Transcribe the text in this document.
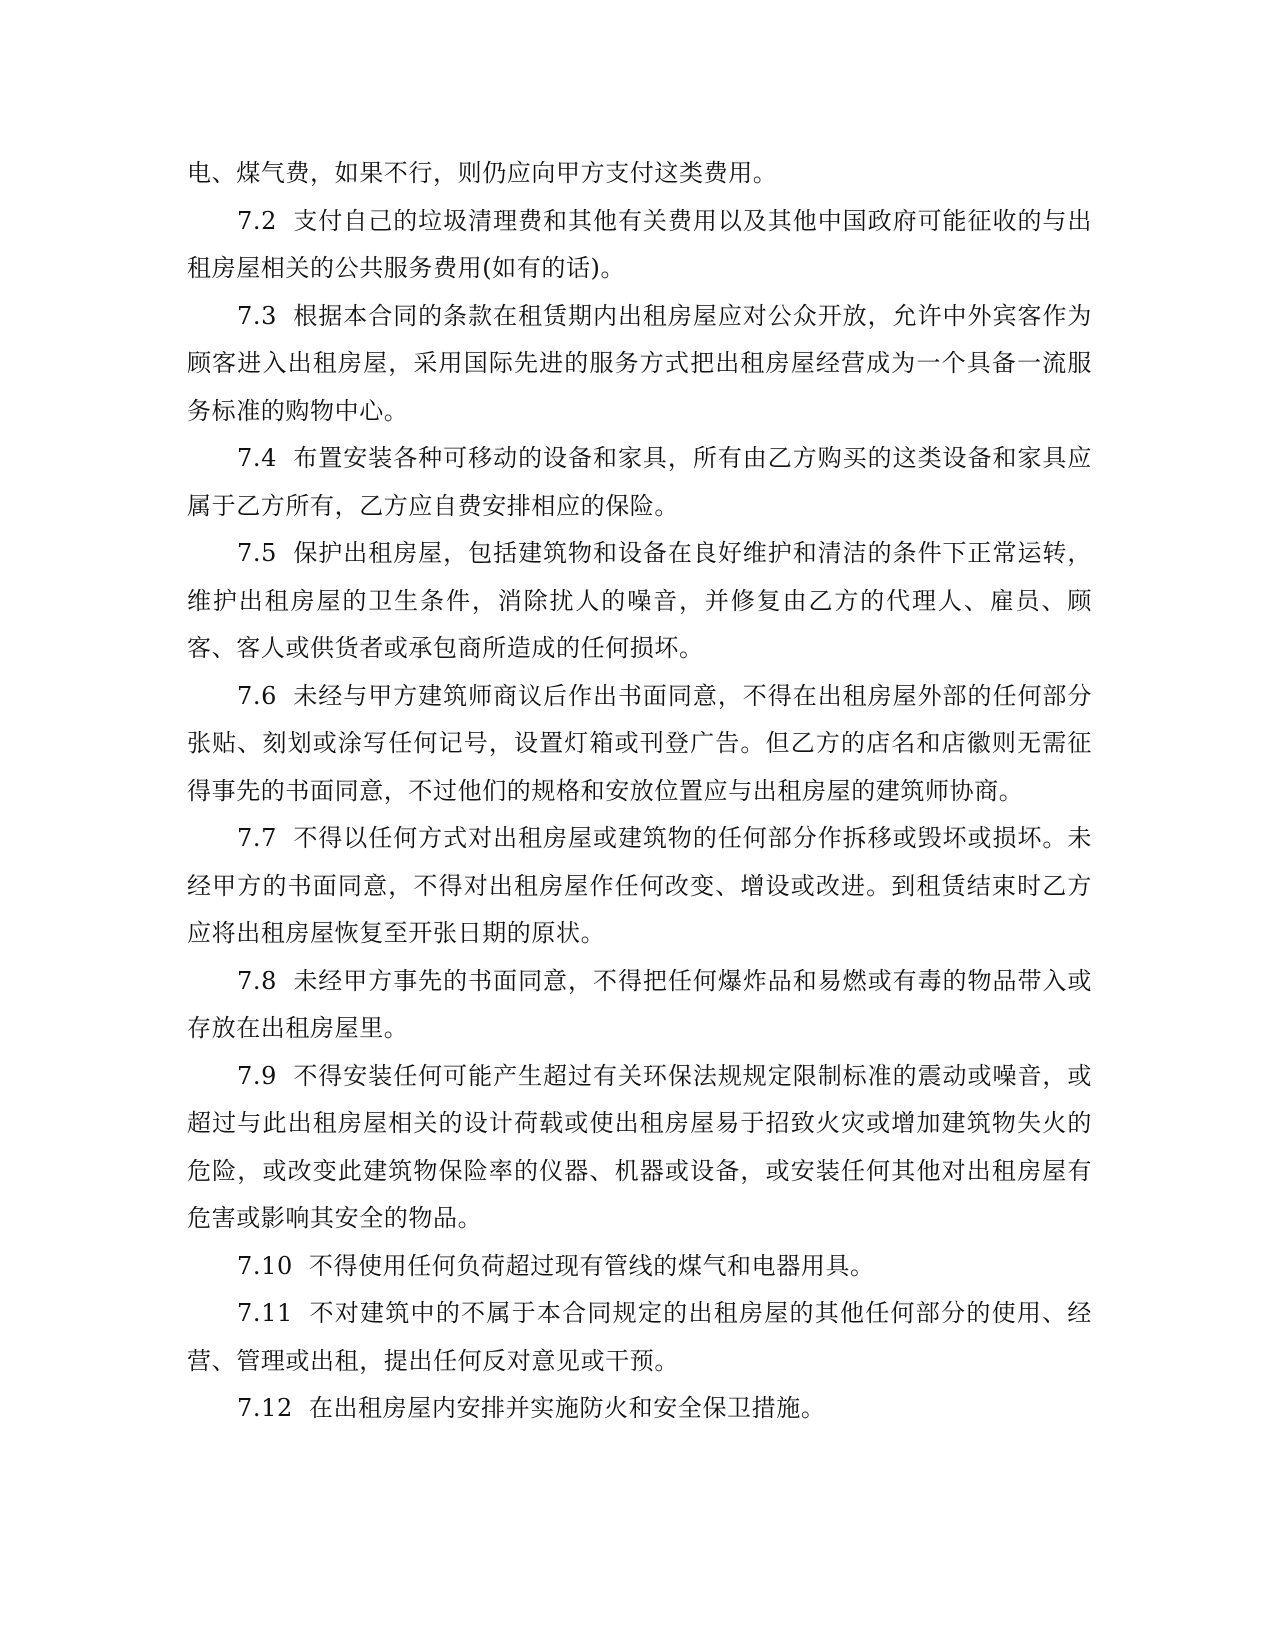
电、煤气费，如果不行，则仍应向甲方支付这类费用。

7.2 支付自己的垃圾清理费和其他有关费用以及其他中国政府可能征收的与出租房屋相关的公共服务费用(如有的话)。

7.3 根据本合同的条款在租赁期内出租房屋应对公众开放，允许中外宾客作为顾客进入出租房屋，采用国际先进的服务方式把出租房屋经营成为一个具备一流服务标准的购物中心。

7.4 布置安装各种可移动的设备和家具，所有由乙方购买的这类设备和家具应属于乙方所有，乙方应自费安排相应的保险。

7.5 保护出租房屋，包括建筑物和设备在良好维护和清洁的条件下正常运转，维护出租房屋的卫生条件，消除扰人的噪音，并修复由乙方的代理人、雇员、顾客、客人或供货者或承包商所造成的任何损坏。

7.6 未经与甲方建筑师商议后作出书面同意，不得在出租房屋外部的任何部分张贴、刻划或涂写任何记号，设置灯箱或刊登广告。但乙方的店名和店徽则无需征得事先的书面同意，不过他们的规格和安放位置应与出租房屋的建筑师协商。

7.7 不得以任何方式对出租房屋或建筑物的任何部分作拆移或毁坏或损坏。未经甲方的书面同意，不得对出租房屋作任何改变、增设或改进。到租赁结束时乙方应将出租房屋恢复至开张日期的原状。

7.8 未经甲方事先的书面同意，不得把任何爆炸品和易燃或有毒的物品带入或存放在出租房屋里。

7.9 不得安装任何可能产生超过有关环保法规规定限制标准的震动或噪音，或超过与此出租房屋相关的设计荷载或使出租房屋易于招致火灾或增加建筑物失火的危险，或改变此建筑物保险率的仪器、机器或设备，或安装任何其他对出租房屋有危害或影响其安全的物品。

7.10 不得使用任何负荷超过现有管线的煤气和电器用具。

7.11 不对建筑中的不属于本合同规定的出租房屋的其他任何部分的使用、经营、管理或出租，提出任何反对意见或干预。

7.12 在出租房屋内安排并实施防火和安全保卫措施。
